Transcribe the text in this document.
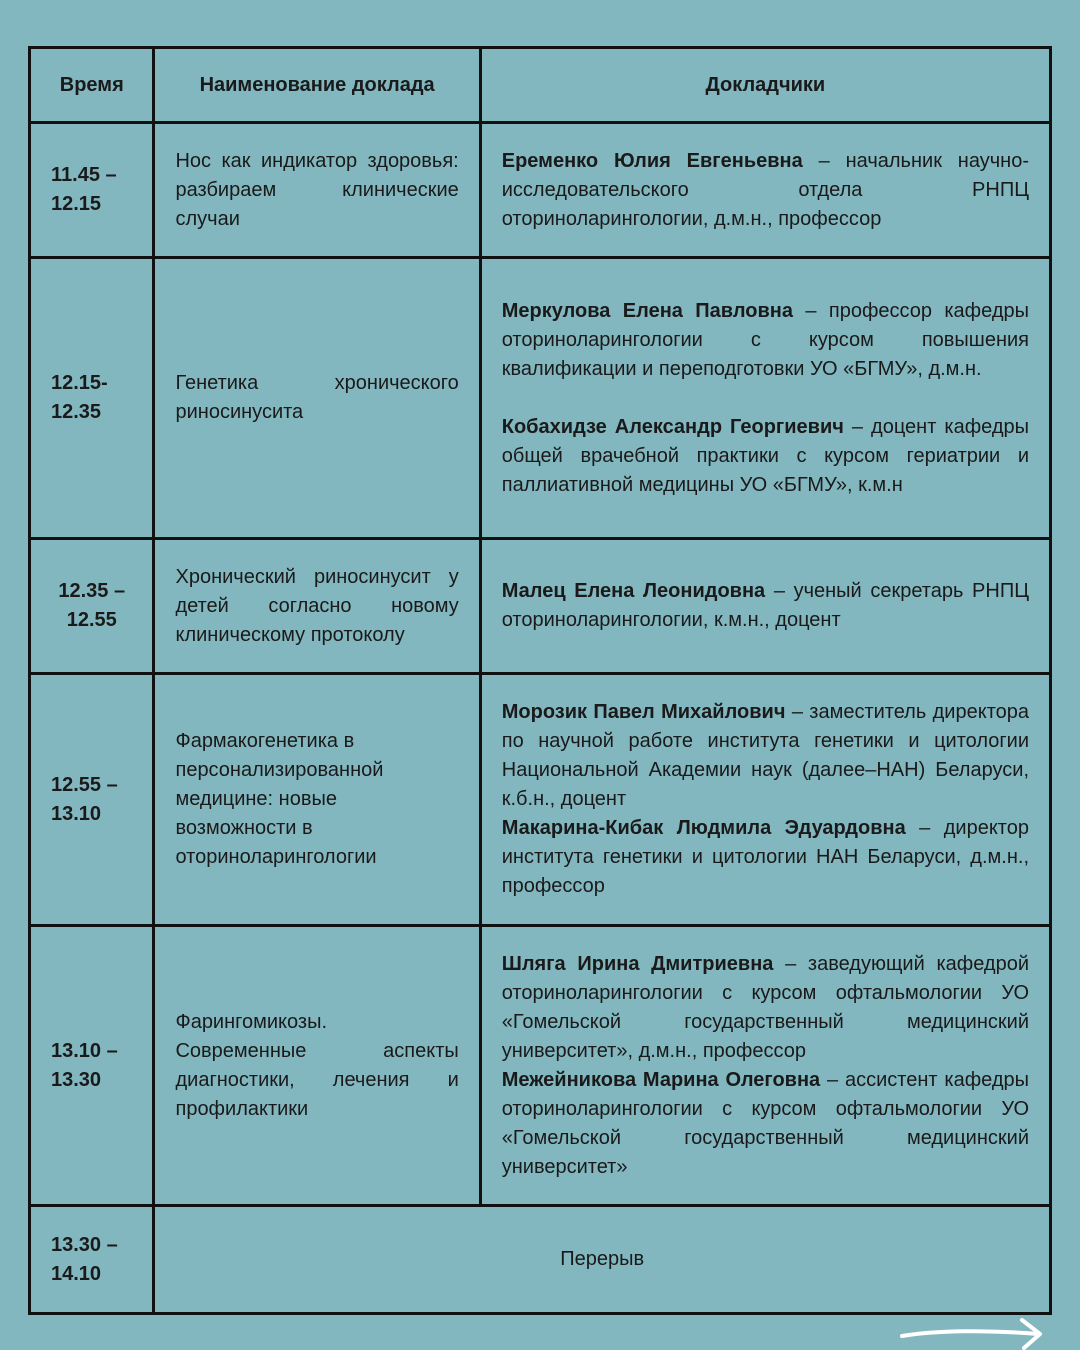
Время	Наименование доклада	Докладчики

11.45 –
12.15	Нос как индикатор здоровья: разбираем клинические случаи	Еременко Юлия Евгеньевна – начальник научно-исследовательского отдела РНПЦ оториноларингологии, д.м.н., профессор

12.15-
12.35	Генетика хронического риносинусита	Меркулова Елена Павловна – профессор кафедры оториноларингологии с курсом повышения квалификации и переподготовки УО «БГМУ», д.м.н.
Кобахидзе Александр Георгиевич – доцент кафедры общей врачебной практики с курсом гериатрии и паллиативной медицины УО «БГМУ», к.м.н

12.35 –
12.55	Хронический риносинусит у детей согласно новому клиническому протоколу	Малец Елена Леонидовна – ученый секретарь РНПЦ оториноларингологии, к.м.н., доцент

12.55 –
13.10	Фармакогенетика в персонализированной медицине: новые возможности в оториноларингологии	Морозик Павел Михайлович – заместитель директора по научной работе института генетики и цитологии Национальной Академии наук (далее–НАН) Беларуси, к.б.н., доцент
Макарина-Кибак Людмила Эдуардовна – директор института генетики и цитологии НАН Беларуси, д.м.н., профессор

13.10 –
13.30	Фарингомикозы. Современные аспекты диагностики, лечения и профилактики	Шляга Ирина Дмитриевна – заведующий кафедрой оториноларингологии с курсом офтальмологии УО «Гомельской государственный медицинский университет», д.м.н., профессор
Межейникова Марина Олеговна – ассистент кафедры оториноларингологии с курсом офтальмологии УО «Гомельской государственный медицинский университет»

13.30 –
14.10	Перерыв	
